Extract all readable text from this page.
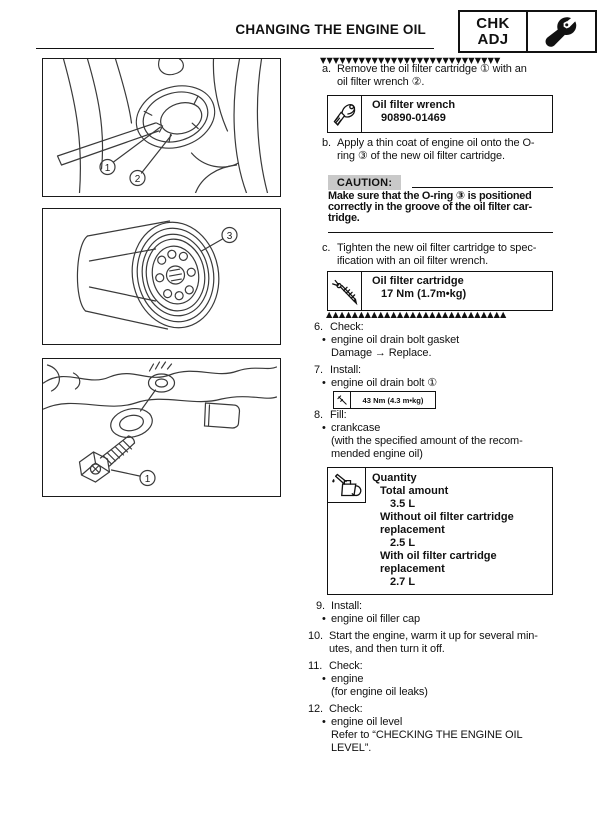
CHANGING THE ENGINE OIL	CHK
ADJ
1
2
3
1
▼▼▼▼▼▼▼▼▼▼▼▼▼▼▼▼▼▼▼▼▼▼▼▼▼▼▼▼
a. Remove the oil filter cartridge ① with an
oil filter wrench ②.
Oil filter wrench
90890-01469
b. Apply a thin coat of engine oil onto the O-
ring ③ of the new oil filter cartridge.
CAUTION:
Make sure that the O-ring ③ is positioned
correctly in the groove of the oil filter car-
tridge.
c. Tighten the new oil filter cartridge to spec-
ification with an oil filter wrench.
Oil filter cartridge
17 Nm (1.7m•kg)
▲▲▲▲▲▲▲▲▲▲▲▲▲▲▲▲▲▲▲▲▲▲▲▲▲▲▲▲
6. Check:
• engine oil drain bolt gasket
Damage → Replace.
7. Install:
• engine oil drain bolt ①
43 Nm (4.3 m•kg)
8. Fill:
• crankcase
(with the specified amount of the recom-
mended engine oil)
Quantity
Total amount
3.5 L
Without oil filter cartridge
replacement
2.5 L
With oil filter cartridge
replacement
2.7 L
9. Install:
• engine oil filler cap
10. Start the engine, warm it up for several min-
utes, and then turn it off.
11. Check:
• engine
(for engine oil leaks)
12. Check:
• engine oil level
Refer to “CHECKING THE ENGINE OIL
LEVEL”.
